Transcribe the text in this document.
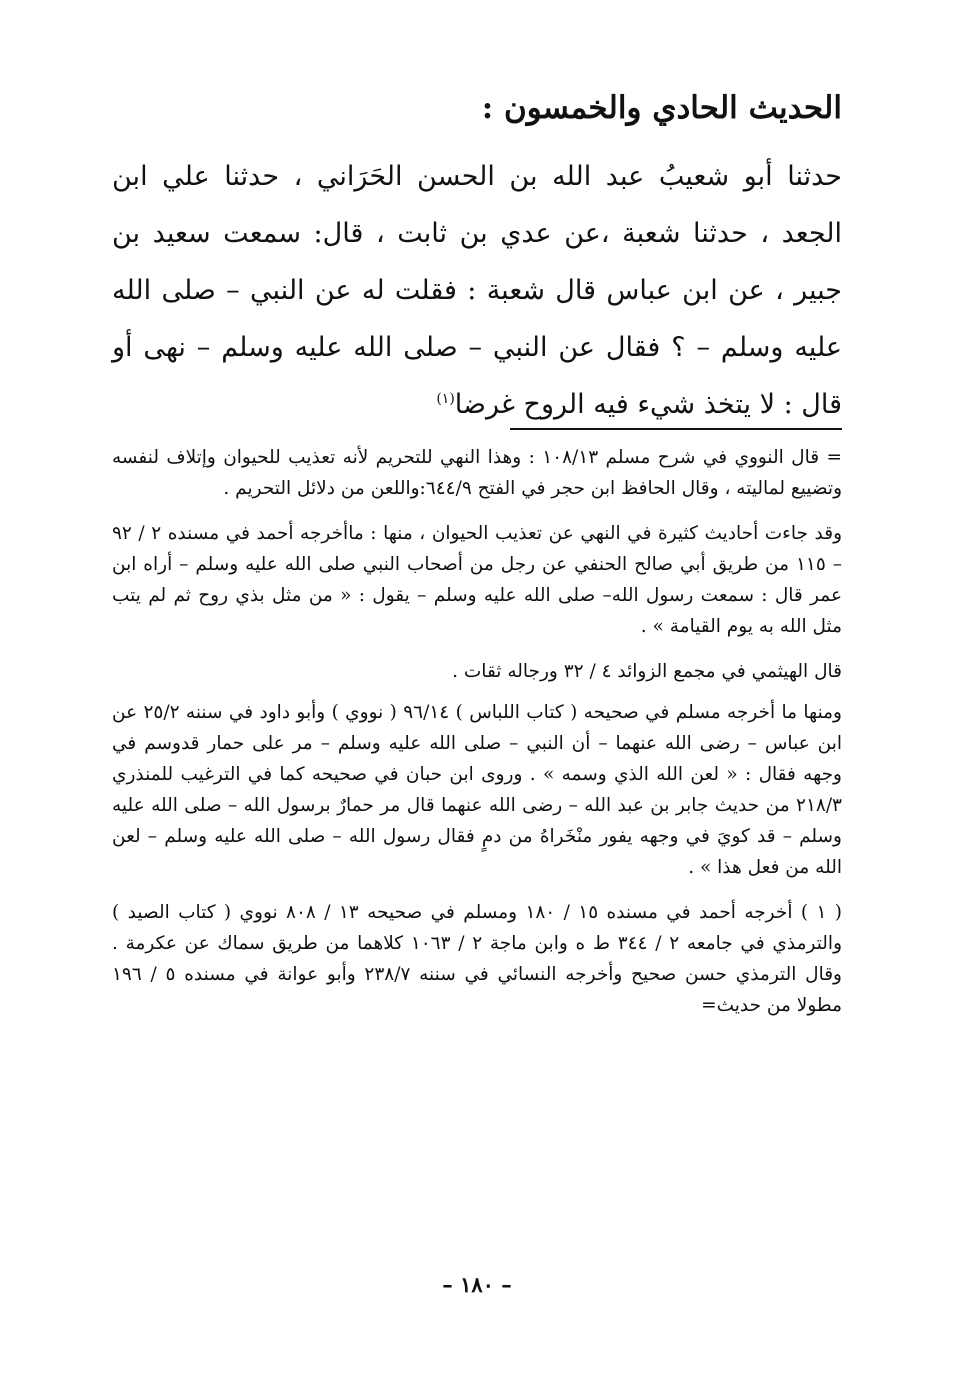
الحديث الحادي والخمسون :

حدثنا أبو شعيبُ عبد الله بن الحسن الحَرَاني ، حدثنا علي ابن الجعد ، حدثنا شعبة ،عن عدي بن ثابت ، قال: سمعت سعيد بن جبير ، عن ابن عباس قال شعبة : فقلت له عن النبي – صلى الله عليه وسلم – ؟ فقال عن النبي – صلى الله عليه وسلم – نهى أو قال : لا يتخذ شيء فيه الروح غرضا$^{(١)}$

= قال النووي في شرح مسلم ١٠٨/١٣ : وهذا النهي للتحريم لأنه تعذيب للحيوان وإتلاف لنفسه وتضييع لماليته ، وقال الحافظ ابن حجر في الفتح ٦٤٤/٩:واللعن من دلائل التحريم .

وقد جاءت أحاديث كثيرة في النهي عن تعذيب الحيوان ، منها : ماأخرجه أحمد في مسنده ٢ / ٩٢ – ١١٥ من طريق أبي صالح الحنفي عن رجل من أصحاب النبي صلى الله عليه وسلم – أراه ابن عمر قال : سمعت رسول الله– صلى الله عليه وسلم – يقول : « من مثل بذي روح ثم لم يتب مثل الله به يوم القيامة » .

قال الهيثمي في مجمع الزوائد ٤ / ٣٢ ورجاله ثقات .

ومنها ما أخرجه مسلم في صحيحه ( كتاب اللباس ) ٩٦/١٤ ( نووي ) وأبو داود في سننه ٢٥/٢ عن ابن عباس – رضى الله عنهما – أن النبي – صلى الله عليه وسلم – مر على حمار قدوسم في وجهه فقال : « لعن الله الذي وسمه » . وروى ابن حبان في صحيحه كما في الترغيب للمنذري ٢١٨/٣ من حديث جابر بن عبد الله – رضى الله عنهما قال مر حمارٌ برسول الله – صلى الله عليه وسلم – قد كويَ في وجهه يفور منْخَراهُ من دمٍ فقال رسول الله – صلى الله عليه وسلم – لعن الله من فعل هذا » .

( ١ ) أخرجه أحمد في مسنده ١٥ / ١٨٠ ومسلم في صحيحه ١٣ / ٨٠٨ نووي ( كتاب الصيد ) والترمذي في جامعه ٢ / ٣٤٤ ط ه وابن ماجة ٢ / ١٠٦٣ كلاهما من طريق سماك عن عكرمة . وقال الترمذي حسن صحيح وأخرجه النسائي في سننه ٢٣٨/٧ وأبو عوانة في مسنده ٥ / ١٩٦ مطولا من حديث=

– ١٨٠ –
